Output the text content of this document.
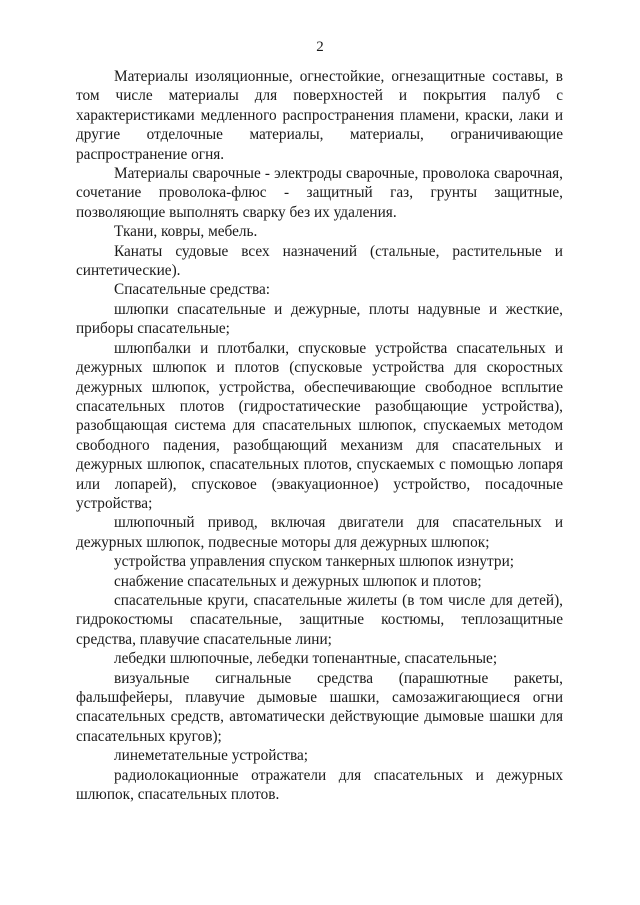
2

Материалы изоляционные, огнестойкие, огнезащитные составы, в том числе материалы для поверхностей и покрытия палуб с характеристиками медленного распространения пламени, краски, лаки и другие отделочные материалы, материалы, ограничивающие распространение огня.

Материалы сварочные - электроды сварочные, проволока сварочная, сочетание проволока-флюс - защитный газ, грунты защитные, позволяющие выполнять сварку без их удаления.

Ткани, ковры, мебель.

Канаты судовые всех назначений (стальные, растительные и синтетические).

Спасательные средства:

шлюпки спасательные и дежурные, плоты надувные и жесткие, приборы спасательные;

шлюпбалки и плотбалки, спусковые устройства спасательных и дежурных шлюпок и плотов (спусковые устройства для скоростных дежурных шлюпок, устройства, обеспечивающие свободное всплытие спасательных плотов (гидростатические разобщающие устройства), разобщающая система для спасательных шлюпок, спускаемых методом свободного падения, разобщающий механизм для спасательных и дежурных шлюпок, спасательных плотов, спускаемых с помощью лопаря или лопарей), спусковое (эвакуационное) устройство, посадочные устройства;

шлюпочный привод, включая двигатели для спасательных и дежурных шлюпок, подвесные моторы для дежурных шлюпок;

устройства управления спуском танкерных шлюпок изнутри;

снабжение спасательных и дежурных шлюпок и плотов;

спасательные круги, спасательные жилеты (в том числе для детей), гидрокостюмы спасательные, защитные костюмы, теплозащитные средства, плавучие спасательные лини;

лебедки шлюпочные, лебедки топенантные, спасательные;

визуальные сигнальные средства (парашютные ракеты, фальшфейеры, плавучие дымовые шашки, самозажигающиеся огни спасательных средств, автоматически действующие дымовые шашки для спасательных кругов);

линеметательные устройства;

радиолокационные отражатели для спасательных и дежурных шлюпок, спасательных плотов.
